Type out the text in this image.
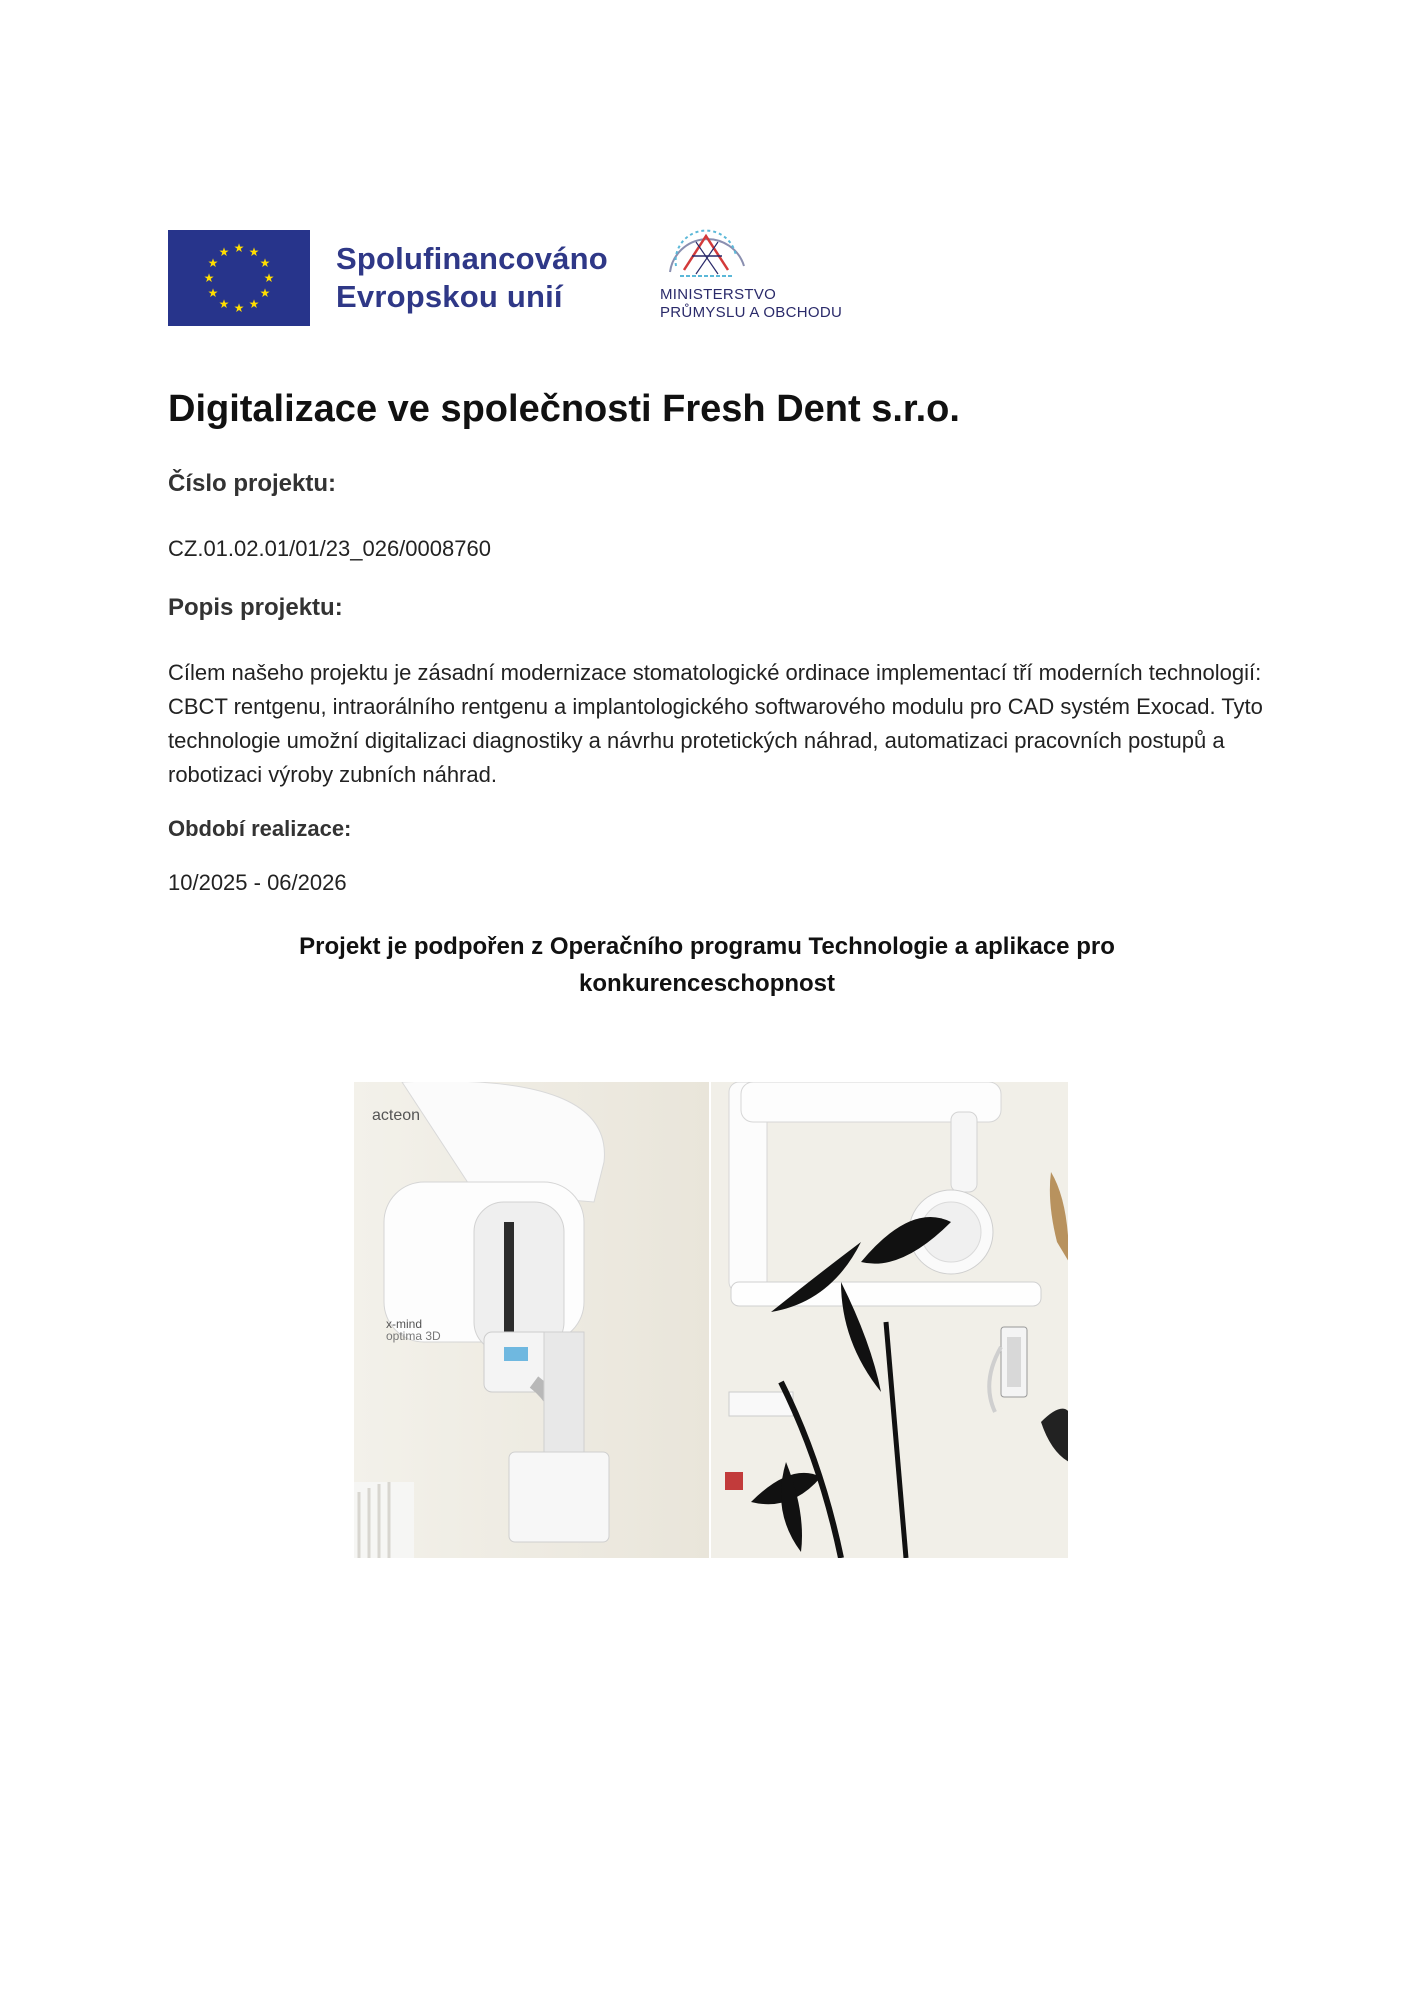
★ ★
★
★
★
★
★
★
★
★
★
★	Spolufinancováno
Evropskou unií	MINISTERSTVO
PRŮMYSLU A OBCHODU
Digitalizace ve společnosti Fresh Dent s.r.o.

Číslo projektu:

CZ.01.02.01/01/23_026/0008760

Popis projektu:

Cílem našeho projektu je zásadní modernizace stomatologické ordinace implementací tří moderních technologií: CBCT rentgenu, intraorálního rentgenu a implantologického softwarového modulu pro CAD systém Exocad. Tyto technologie umožní digitalizaci diagnostiky a návrhu protetických náhrad, automatizaci pracovních postupů a robotizaci výroby zubních náhrad.

Období realizace:

10/2025 - 06/2026

Projekt je podpořen z Operačního programu Technologie a aplikace pro
konkurenceschopnost
acteon
x-mind
optima 3D
